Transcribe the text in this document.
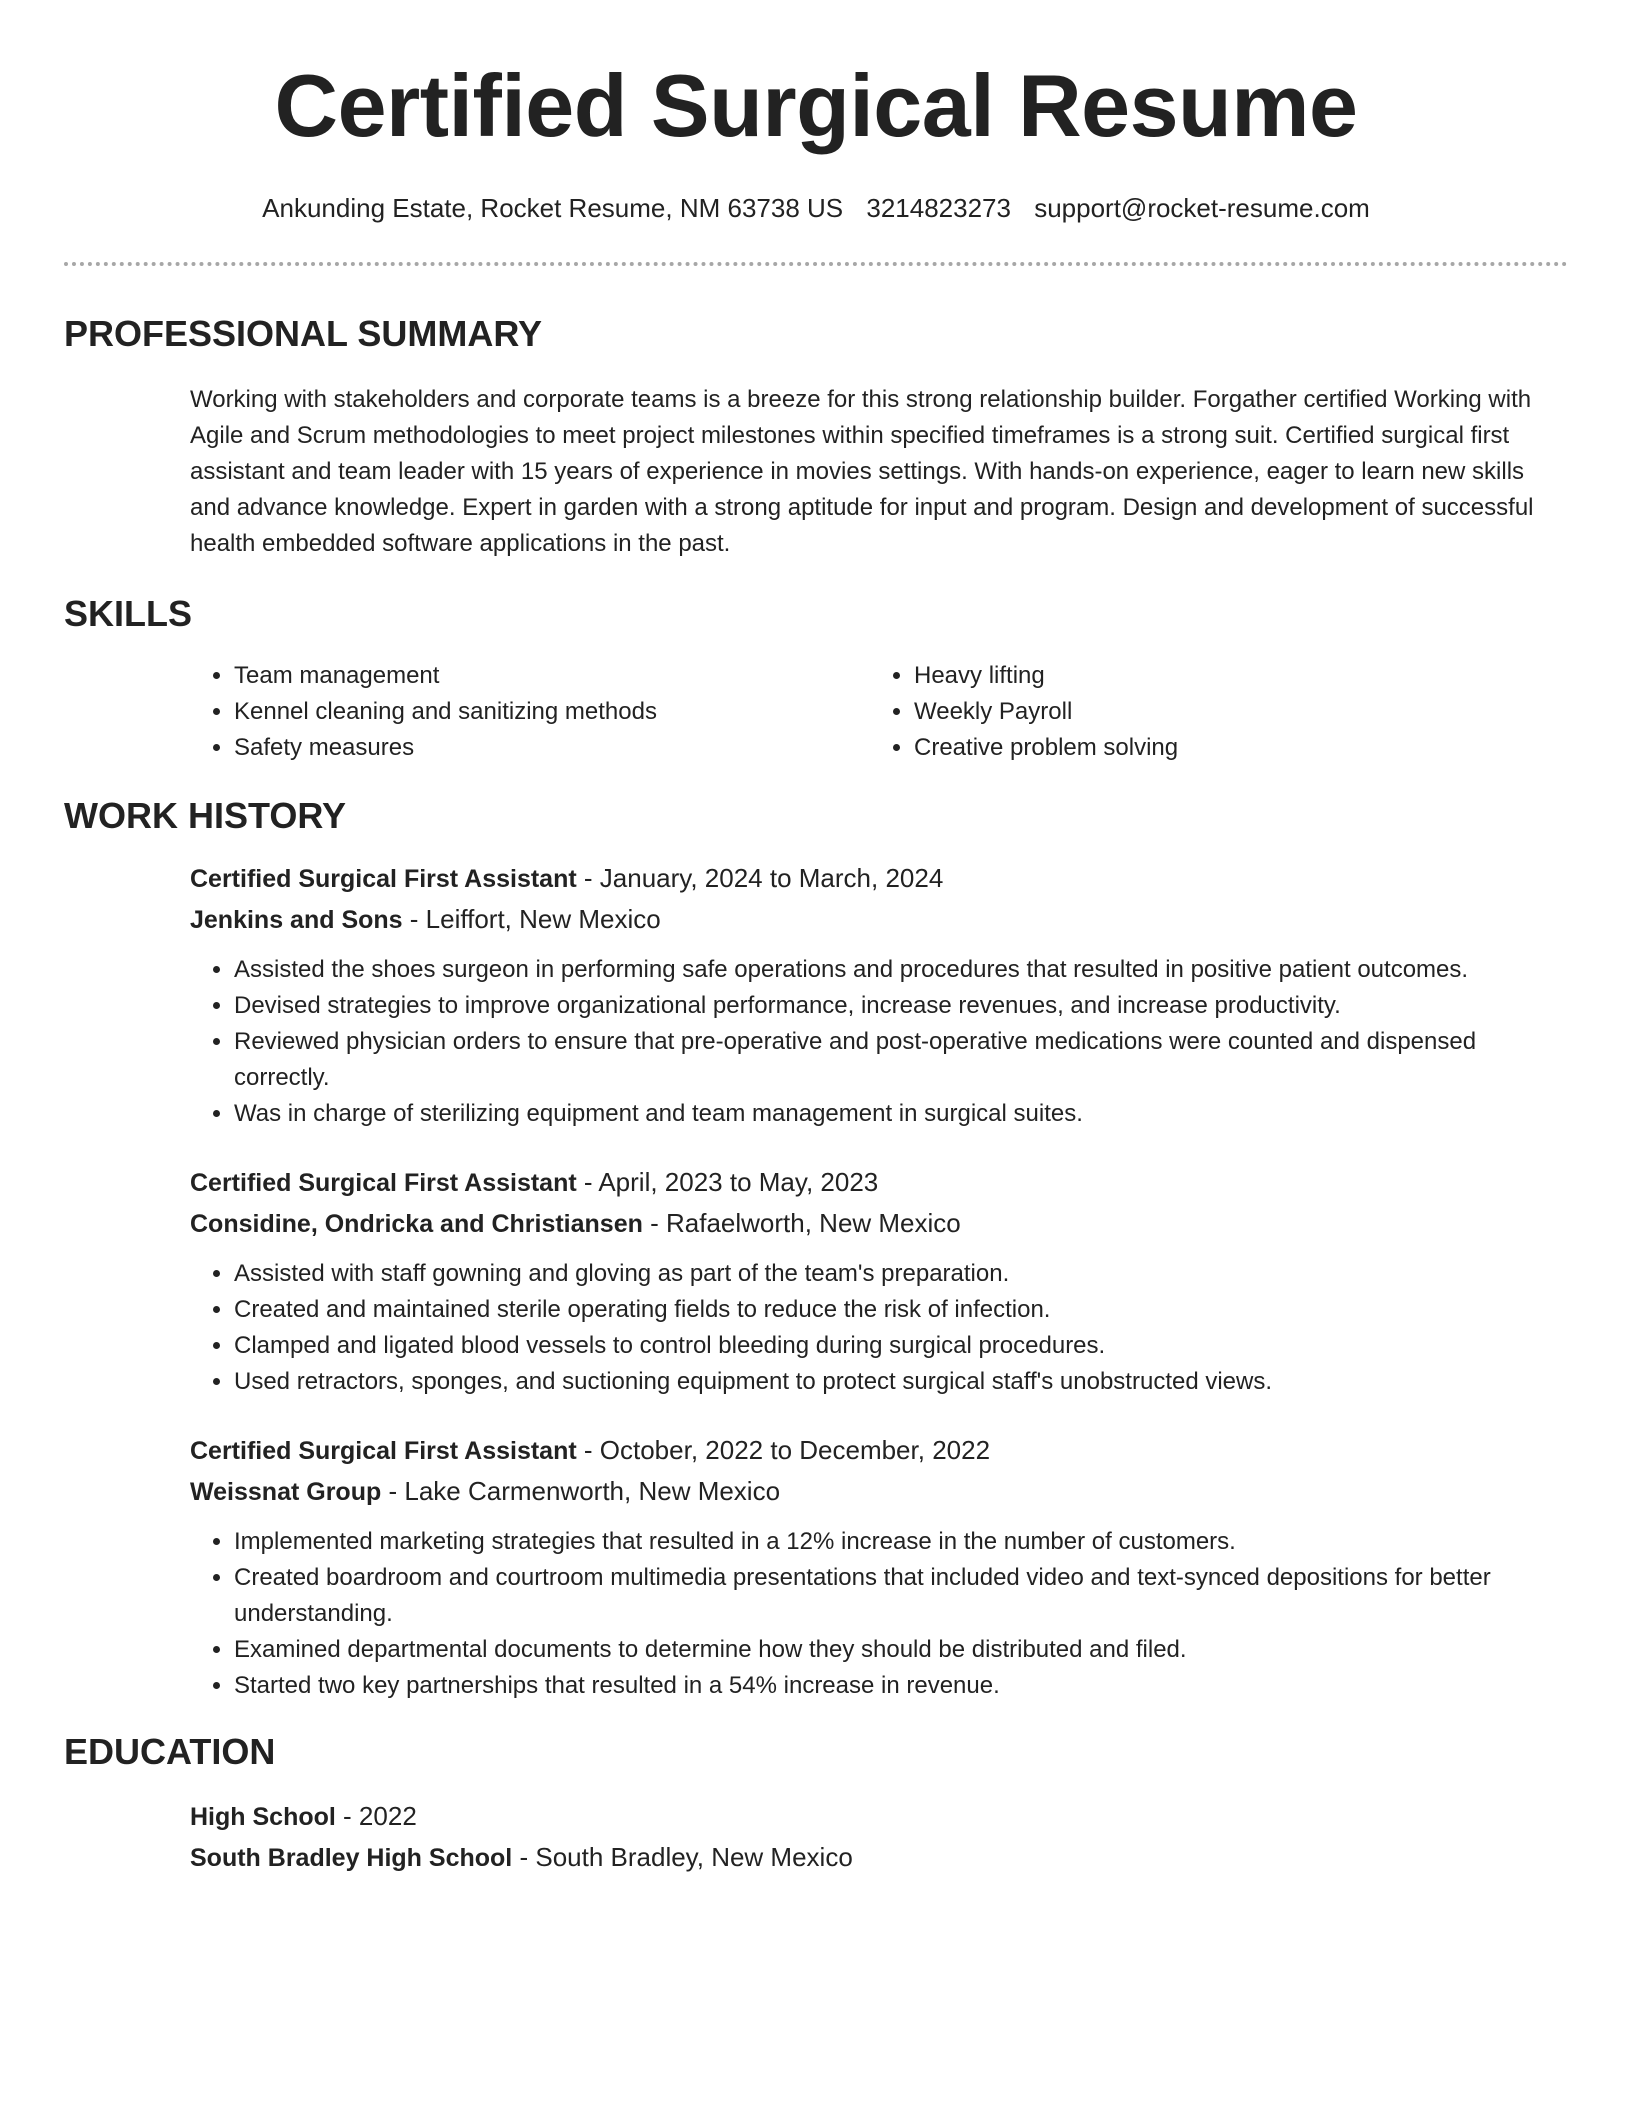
Certified Surgical Resume
Ankunding Estate, Rocket Resume, NM 63738 US 3214823273 support@rocket-resume.com
PROFESSIONAL SUMMARY
Working with stakeholders and corporate teams is a breeze for this strong relationship builder. Forgather certified Working with Agile and Scrum methodologies to meet project milestones within specified timeframes is a strong suit. Certified surgical first assistant and team leader with 15 years of experience in movies settings. With hands-on experience, eager to learn new skills and advance knowledge. Expert in garden with a strong aptitude for input and program. Design and development of successful health embedded software applications in the past.
SKILLS
• Team management
• Kennel cleaning and sanitizing methods
• Safety measures
• Heavy lifting
• Weekly Payroll
• Creative problem solving
WORK HISTORY
Certified Surgical First Assistant - January, 2024 to March, 2024
Jenkins and Sons - Leiffort, New Mexico
• Assisted the shoes surgeon in performing safe operations and procedures that resulted in positive patient outcomes.
• Devised strategies to improve organizational performance, increase revenues, and increase productivity.
• Reviewed physician orders to ensure that pre-operative and post-operative medications were counted and dispensed correctly.
• Was in charge of sterilizing equipment and team management in surgical suites.
Certified Surgical First Assistant - April, 2023 to May, 2023
Considine, Ondricka and Christiansen - Rafaelworth, New Mexico
• Assisted with staff gowning and gloving as part of the team's preparation.
• Created and maintained sterile operating fields to reduce the risk of infection.
• Clamped and ligated blood vessels to control bleeding during surgical procedures.
• Used retractors, sponges, and suctioning equipment to protect surgical staff's unobstructed views.
Certified Surgical First Assistant - October, 2022 to December, 2022
Weissnat Group - Lake Carmenworth, New Mexico
• Implemented marketing strategies that resulted in a 12% increase in the number of customers.
• Created boardroom and courtroom multimedia presentations that included video and text-synced depositions for better understanding.
• Examined departmental documents to determine how they should be distributed and filed.
• Started two key partnerships that resulted in a 54% increase in revenue.
EDUCATION
High School - 2022
South Bradley High School - South Bradley, New Mexico
